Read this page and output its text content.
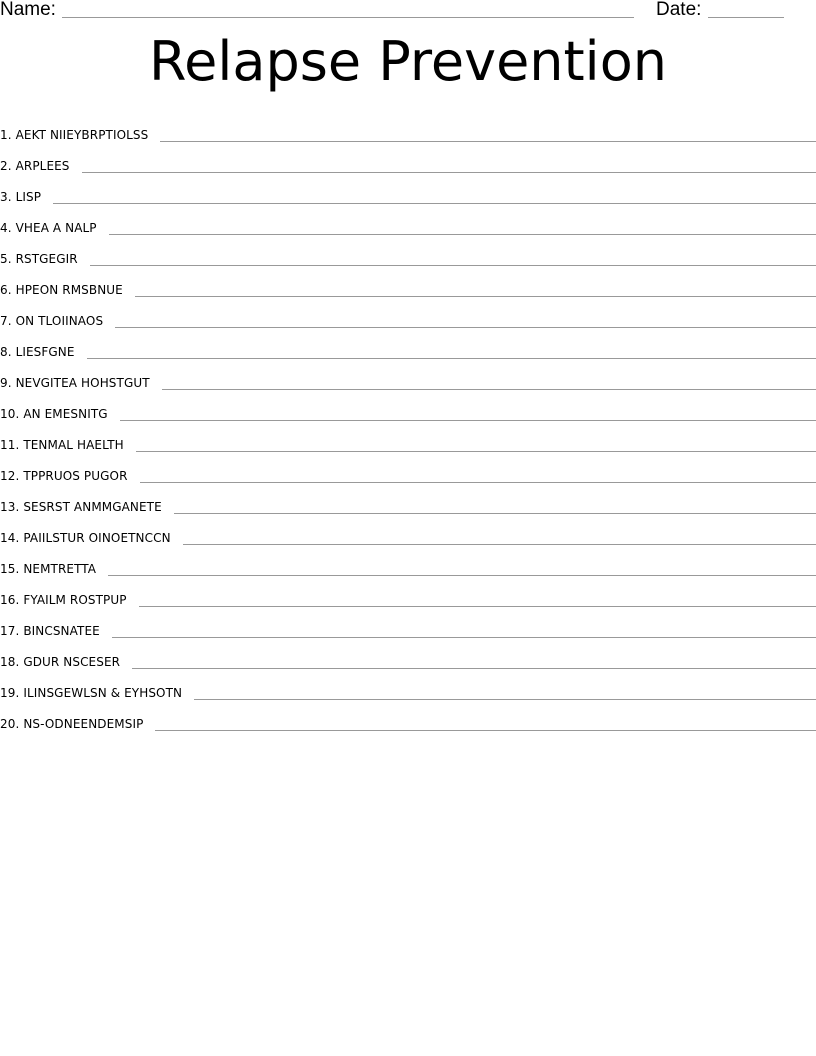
Name:	Date:
Relapse Prevention
1. AEKT NIIEYBRPTIOLSS
2. ARPLEES
3. LISP
4. VHEA A NALP
5. RSTGEGIR
6. HPEON RMSBNUE
7. ON TLOIINAOS
8. LIESFGNE
9. NEVGITEA HOHSTGUT
10. AN EMESNITG
11. TENMAL HAELTH
12. TPPRUOS PUGOR
13. SESRST ANMMGANETE
14. PAIILSTUR OINOETNCCN
15. NEMTRETTA
16. FYAILM ROSTPUP
17. BINCSNATEE
18. GDUR NSCESER
19. ILINSGEWLSN & EYHSOTN
20. NS-ODNEENDEMSIP
